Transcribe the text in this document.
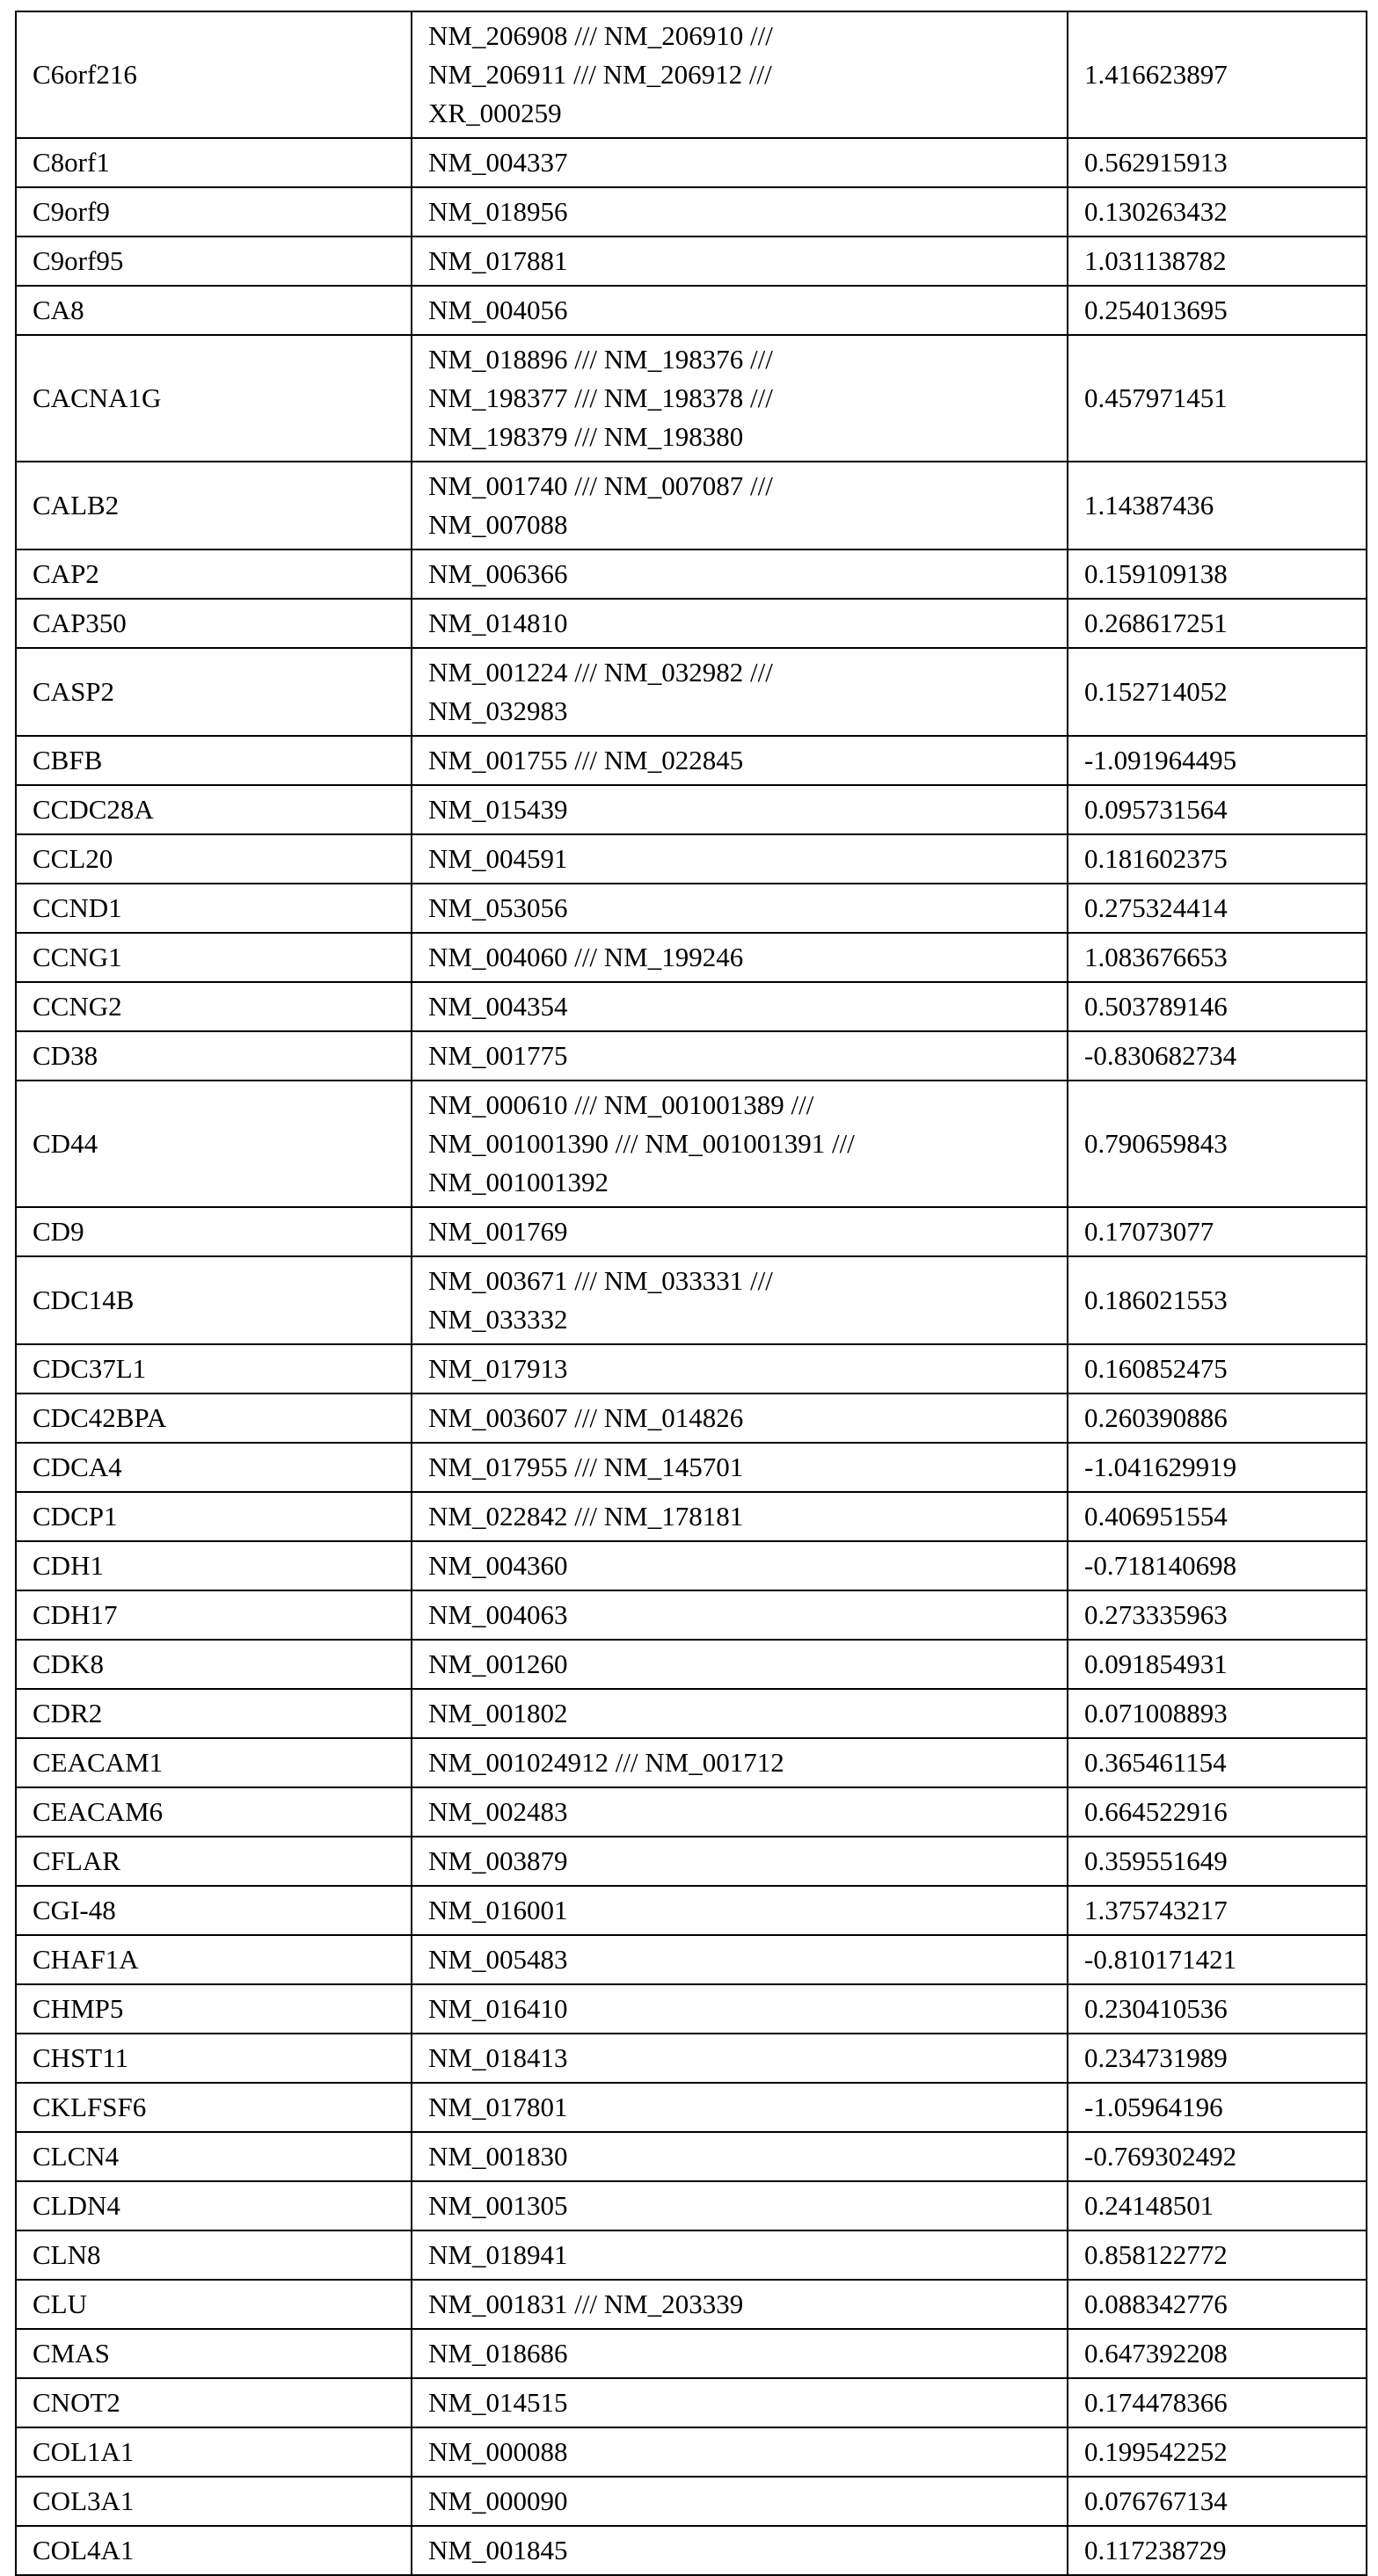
C6orf216	
NM_206908 /// NM_206910 ///
NM_206911 /// NM_206912 ///
XR_000259
	1.416623897
C8orf1	NM_004337	0.562915913
C9orf9	NM_018956	0.130263432
C9orf95	NM_017881	1.031138782
CA8	NM_004056	0.254013695
CACNA1G	
NM_018896 /// NM_198376 ///
NM_198377 /// NM_198378 ///
NM_198379 /// NM_198380
	0.457971451
CALB2	
NM_001740 /// NM_007087 ///
NM_007088
	1.14387436
CAP2	NM_006366	0.159109138
CAP350	NM_014810	0.268617251
CASP2	
NM_001224 /// NM_032982 ///
NM_032983
	0.152714052
CBFB	NM_001755 /// NM_022845	-1.091964495
CCDC28A	NM_015439	0.095731564
CCL20	NM_004591	0.181602375
CCND1	NM_053056	0.275324414
CCNG1	NM_004060 /// NM_199246	1.083676653
CCNG2	NM_004354	0.503789146
CD38	NM_001775	-0.830682734
CD44	
NM_000610 /// NM_001001389 ///
NM_001001390 /// NM_001001391 ///
NM_001001392
	0.790659843
CD9	NM_001769	0.17073077
CDC14B	
NM_003671 /// NM_033331 ///
NM_033332
	0.186021553
CDC37L1	NM_017913	0.160852475
CDC42BPA	NM_003607 /// NM_014826	0.260390886
CDCA4	NM_017955 /// NM_145701	-1.041629919
CDCP1	NM_022842 /// NM_178181	0.406951554
CDH1	NM_004360	-0.718140698
CDH17	NM_004063	0.273335963
CDK8	NM_001260	0.091854931
CDR2	NM_001802	0.071008893
CEACAM1	NM_001024912 /// NM_001712	0.365461154
CEACAM6	NM_002483	0.664522916
CFLAR	NM_003879	0.359551649
CGI-48	NM_016001	1.375743217
CHAF1A	NM_005483	-0.810171421
CHMP5	NM_016410	0.230410536
CHST11	NM_018413	0.234731989
CKLFSF6	NM_017801	-1.05964196
CLCN4	NM_001830	-0.769302492
CLDN4	NM_001305	0.24148501
CLN8	NM_018941	0.858122772
CLU	NM_001831 /// NM_203339	0.088342776
CMAS	NM_018686	0.647392208
CNOT2	NM_014515	0.174478366
COL1A1	NM_000088	0.199542252
COL3A1	NM_000090	0.076767134
COL4A1	NM_001845	0.117238729
